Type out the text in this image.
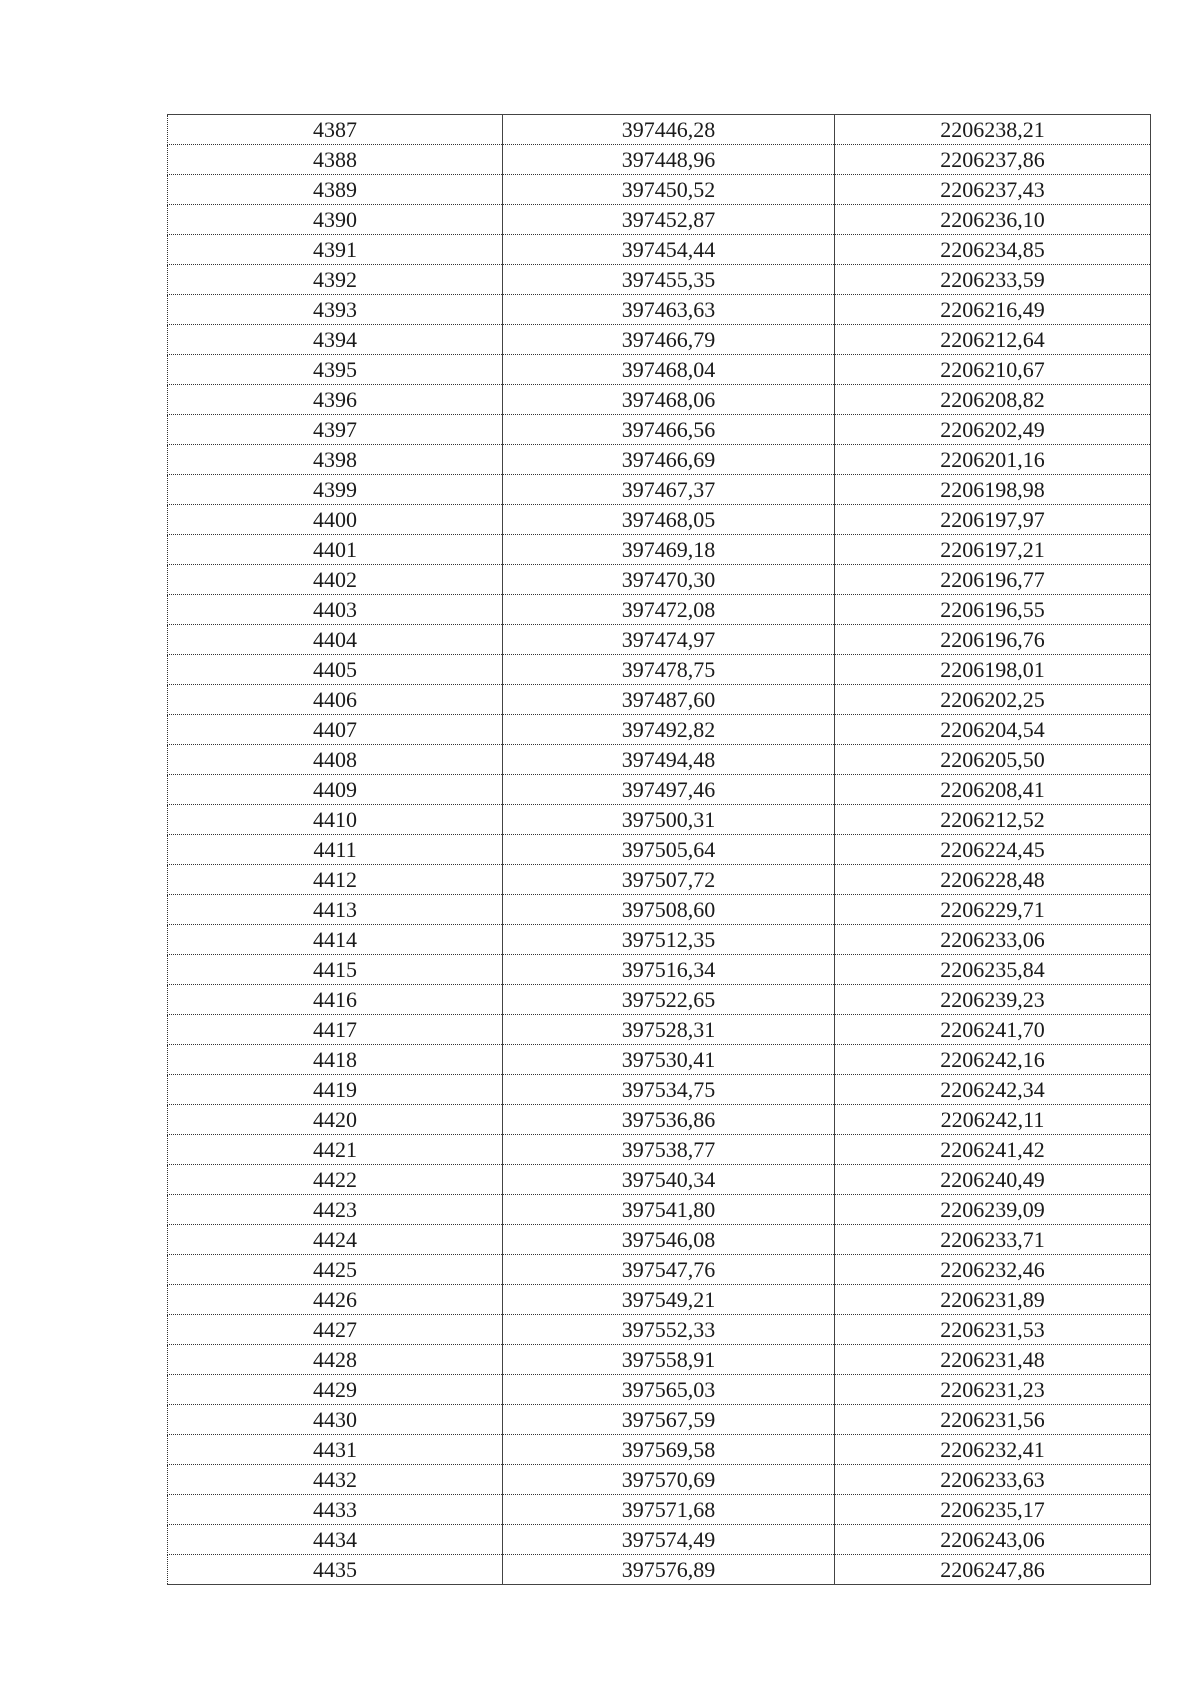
4387	397446,28	2206238,21
4388	397448,96	2206237,86
4389	397450,52	2206237,43
4390	397452,87	2206236,10
4391	397454,44	2206234,85
4392	397455,35	2206233,59
4393	397463,63	2206216,49
4394	397466,79	2206212,64
4395	397468,04	2206210,67
4396	397468,06	2206208,82
4397	397466,56	2206202,49
4398	397466,69	2206201,16
4399	397467,37	2206198,98
4400	397468,05	2206197,97
4401	397469,18	2206197,21
4402	397470,30	2206196,77
4403	397472,08	2206196,55
4404	397474,97	2206196,76
4405	397478,75	2206198,01
4406	397487,60	2206202,25
4407	397492,82	2206204,54
4408	397494,48	2206205,50
4409	397497,46	2206208,41
4410	397500,31	2206212,52
4411	397505,64	2206224,45
4412	397507,72	2206228,48
4413	397508,60	2206229,71
4414	397512,35	2206233,06
4415	397516,34	2206235,84
4416	397522,65	2206239,23
4417	397528,31	2206241,70
4418	397530,41	2206242,16
4419	397534,75	2206242,34
4420	397536,86	2206242,11
4421	397538,77	2206241,42
4422	397540,34	2206240,49
4423	397541,80	2206239,09
4424	397546,08	2206233,71
4425	397547,76	2206232,46
4426	397549,21	2206231,89
4427	397552,33	2206231,53
4428	397558,91	2206231,48
4429	397565,03	2206231,23
4430	397567,59	2206231,56
4431	397569,58	2206232,41
4432	397570,69	2206233,63
4433	397571,68	2206235,17
4434	397574,49	2206243,06
4435	397576,89	2206247,86
